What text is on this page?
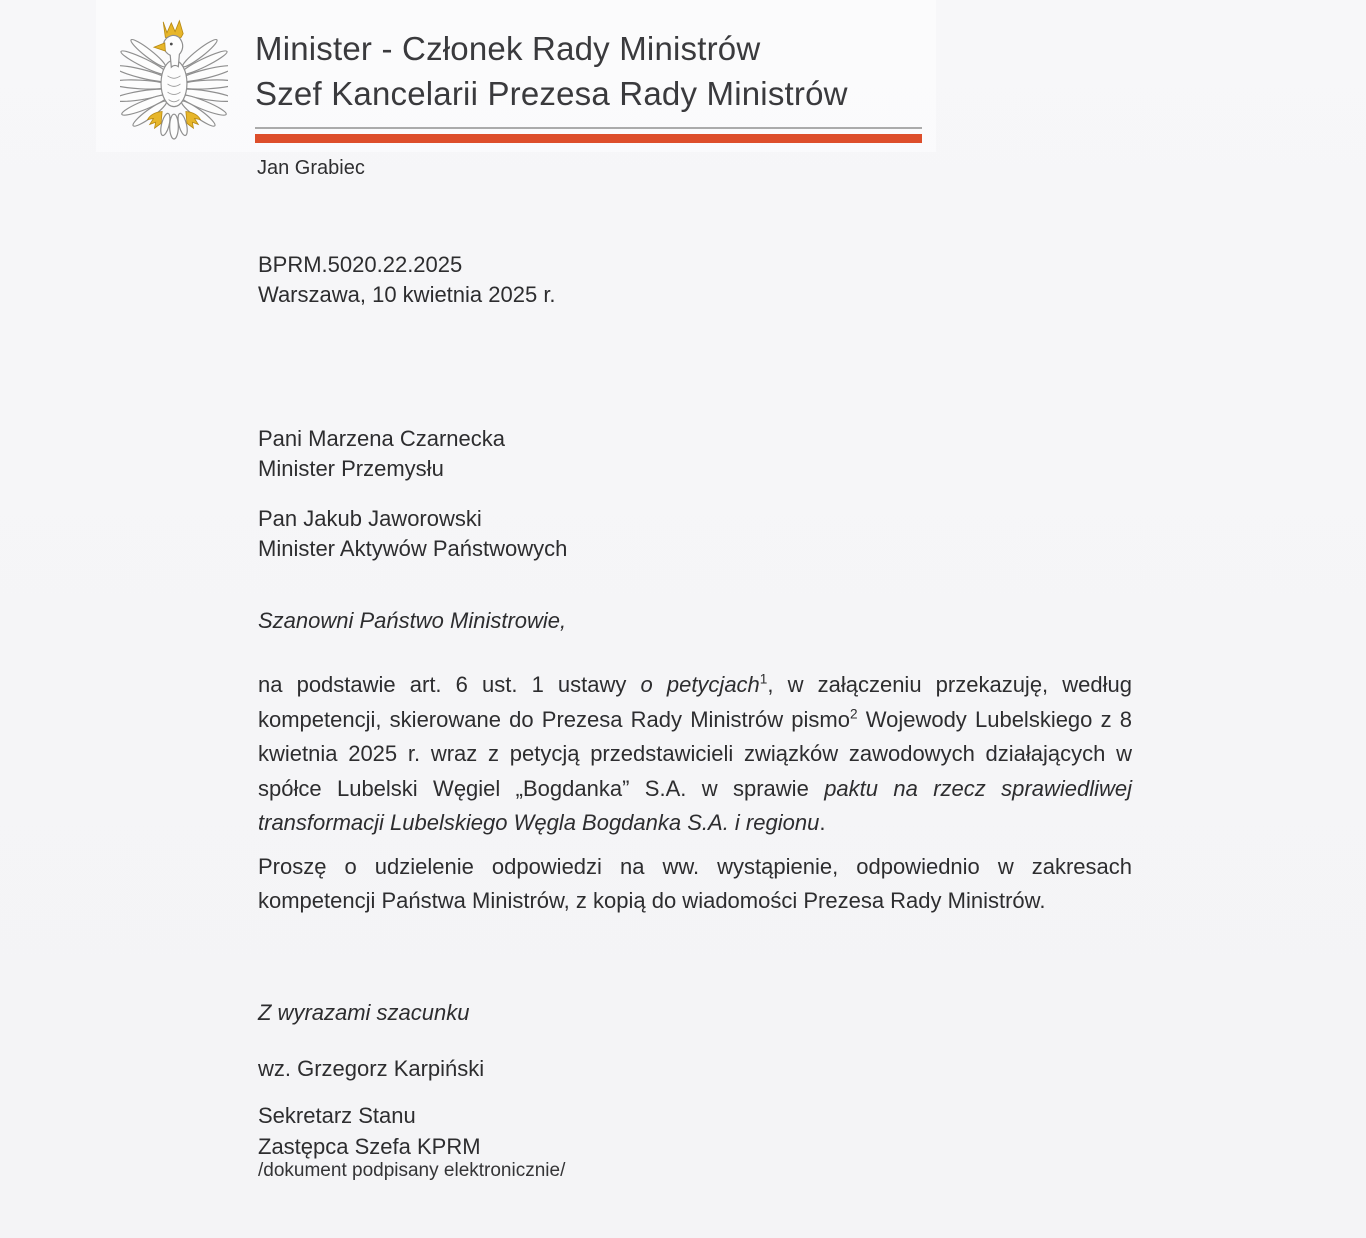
Minister - Członek Rady Ministrów
Szef Kancelarii Prezesa Rady Ministrów
Jan Grabiec
BPRM.5020.22.2025
Warszawa, 10 kwietnia 2025 r.
Pani Marzena Czarnecka
Minister Przemysłu
Pan Jakub Jaworowski
Minister Aktywów Państwowych
Szanowni Państwo Ministrowie,

na podstawie art. 6 ust. 1 ustawy o petycjach$^1$, w załączeniu przekazuję, według kompetencji, skierowane do Prezesa Rady Ministrów pismo$^2$ Wojewody Lubelskiego z 8 kwietnia 2025 r. wraz z petycją przedstawicieli związków zawodowych działających w spółce Lubelski Węgiel „Bogdanka” S.A. w sprawie paktu na rzecz sprawiedliwej transformacji Lubelskiego Węgla Bogdanka S.A. i regionu.

Proszę o udzielenie odpowiedzi na ww. wystąpienie, odpowiednio w zakresach kompetencji Państwa Ministrów, z kopią do wiadomości Prezesa Rady Ministrów.

Z wyrazami szacunku
wz. Grzegorz Karpiński
Sekretarz Stanu
Zastępca Szefa KPRM
/dokument podpisany elektronicznie/
